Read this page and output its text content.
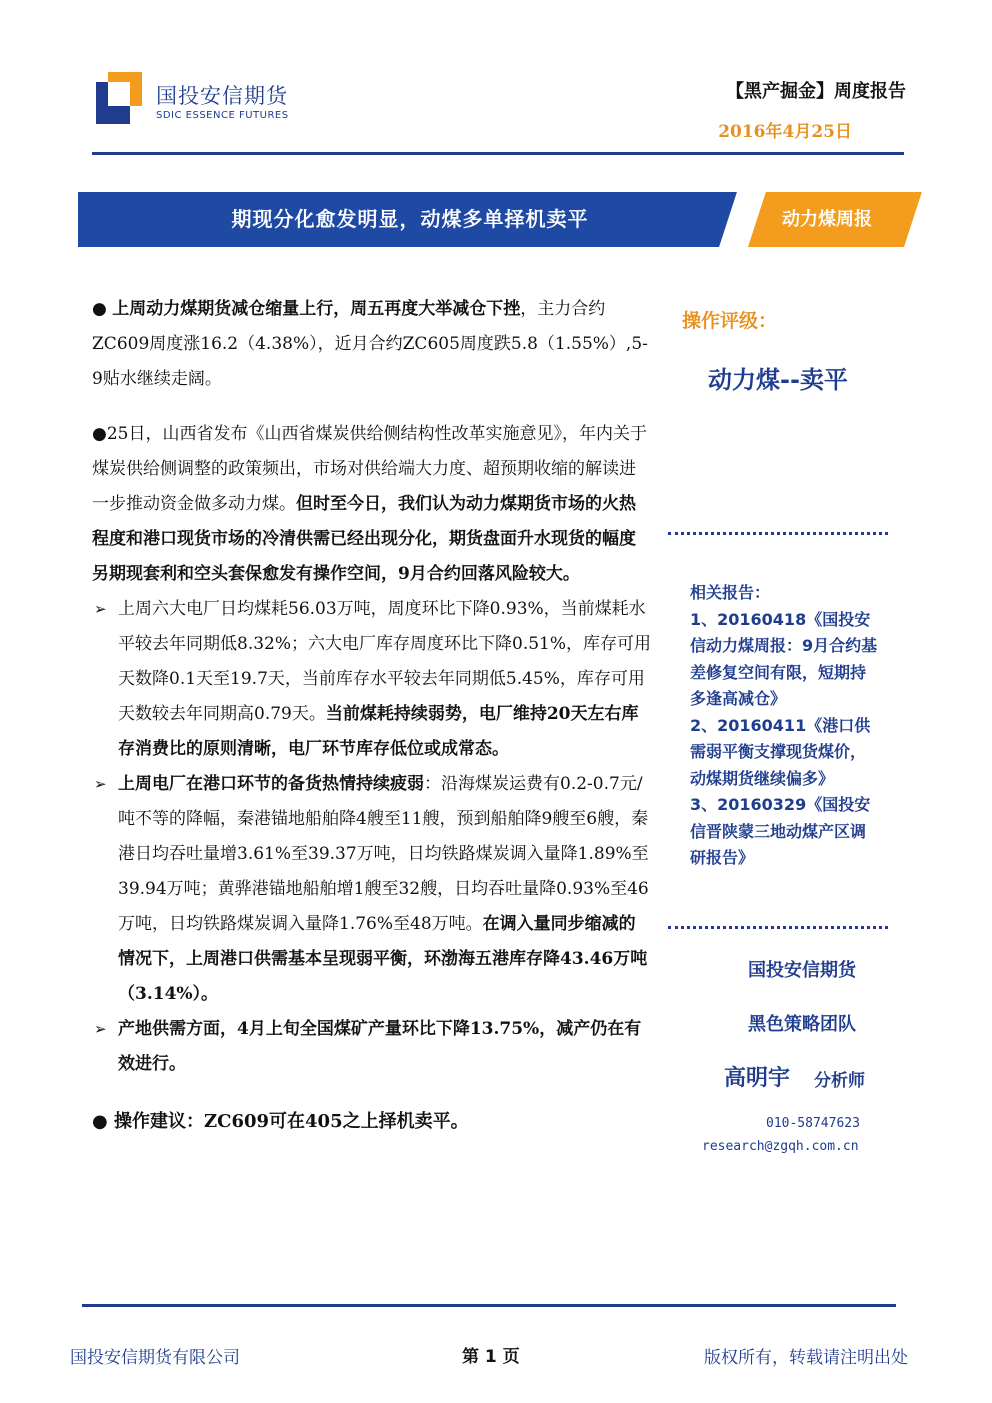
国投安信期货
SDIC ESSENCE FUTURES
【黑产掘金】周度报告
2016年4月25日
期现分化愈发明显，动煤多单择机卖平	动力煤周报

● 上周动力煤期货减仓缩量上行，周五再度大举减仓下挫，主力合约ZC609周度涨16.2（4.38%），近月合约ZC605周度跌5.8（1.55%）,5-9贴水继续走阔。

●25日，山西省发布《山西省煤炭供给侧结构性改革实施意见》，年内关于煤炭供给侧调整的政策频出，市场对供给端大力度、超预期收缩的解读进一步推动资金做多动力煤。但时至今日，我们认为动力煤期货市场的火热程度和港口现货市场的冷清供需已经出现分化，期货盘面升水现货的幅度另期现套利和空头套保愈发有操作空间，9月合约回落风险较大。

➢ 上周六大电厂日均煤耗56.03万吨，周度环比下降0.93%，当前煤耗水平较去年同期低8.32%；六大电厂库存周度环比下降0.51%，库存可用天数降0.1天至19.7天，当前库存水平较去年同期低5.45%，库存可用天数较去年同期高0.79天。当前煤耗持续弱势，电厂维持20天左右库存消费比的原则清晰，电厂环节库存低位或成常态。
➢ 上周电厂在港口环节的备货热情持续疲弱：沿海煤炭运费有0.2-0.7元/吨不等的降幅，秦港锚地船舶降4艘至11艘，预到船舶降9艘至6艘，秦港日均吞吐量增3.61%至39.37万吨，日均铁路煤炭调入量降1.89%至39.94万吨；黄骅港锚地船舶增1艘至32艘，日均吞吐量降0.93%至46万吨，日均铁路煤炭调入量降1.76%至48万吨。在调入量同步缩减的情况下，上周港口供需基本呈现弱平衡，环渤海五港库存降43.46万吨（3.14%）。
➢ 产地供需方面，4月上旬全国煤矿产量环比下降13.75%，减产仍在有效进行。

● 操作建议：ZC609可在405之上择机卖平。

操作评级：
动力煤--卖平

相关报告：

1、20160418《国投安信动力煤周报：9月合约基差修复空间有限，短期持多逢高减仓》

2、20160411《港口供需弱平衡支撑现货煤价，动煤期货继续偏多》

3、20160329《国投安信晋陕蒙三地动煤产区调研报告》

国投安信期货
黑色策略团队
高明宇 分析师
010-58747623
research@zgqh.com.cn
国投安信期货有限公司	第 1 页	版权所有，转载请注明出处
